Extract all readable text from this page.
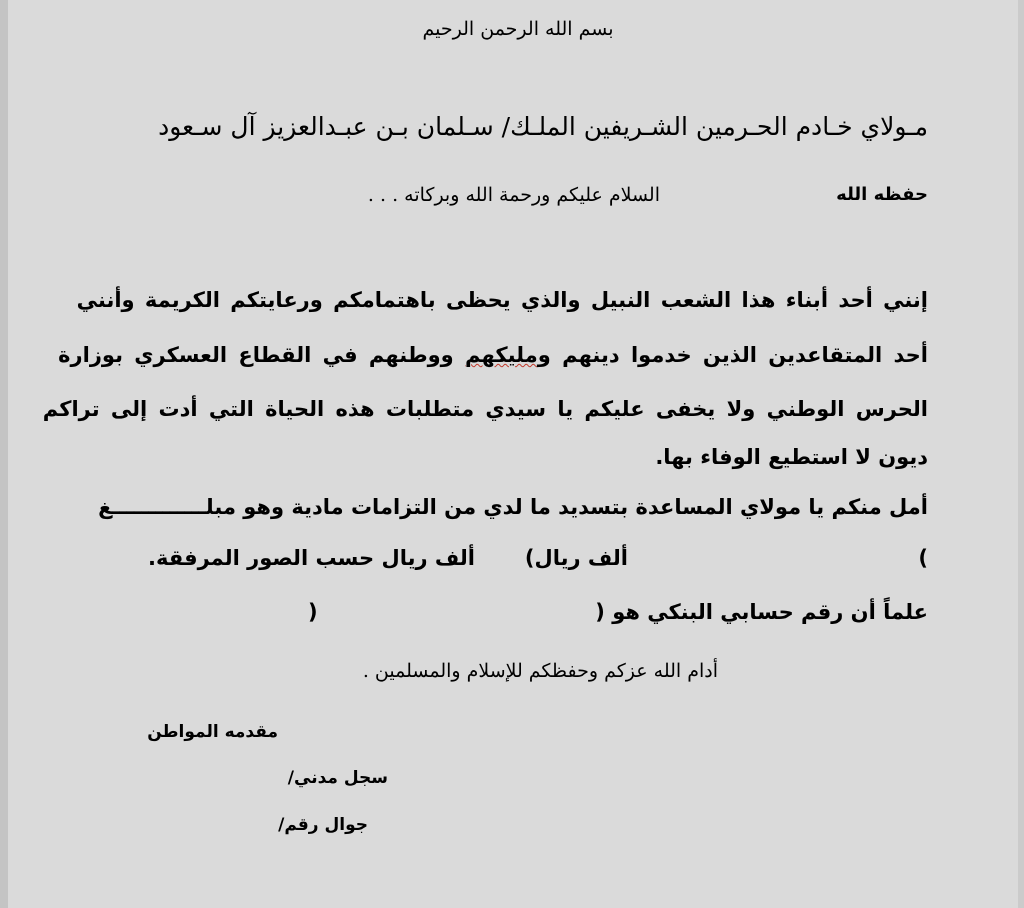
بسم الله الرحمن الرحيم
مـولاي خـادم الحـرمين الشـريفين الملـك/ سـلمان بـن عبـدالعزيز آل سـعود
حفظه الله
السلام عليكم ورحمة الله وبركاته . . .
إنني أحد أبناء هذا الشعب النبيل والذي يحظى باهتمامكم ورعايتكم الكريمة وأنني
أحد المتقاعدين الذين خدموا دينهم ومليكهم ووطنهم في القطاع العسكري بوزارة
الحرس الوطني ولا يخفى عليكم يا سيدي متطلبات هذه الحياة التي أدت إلى تراكم
ديون لا استطيع الوفاء بها.
أمل منكم يا مولاي المساعدة بتسديد ما لدي من التزامات مادية وهو مبلـــــــــــــغ
(
ألف ريال)
ألف ريال حسب الصور المرفقة.
علماً أن رقم حسابي البنكي هو (
)
أدام الله عزكم وحفظكم للإسلام والمسلمين .
مقدمه المواطن
سجل مدني/
جوال رقم/
